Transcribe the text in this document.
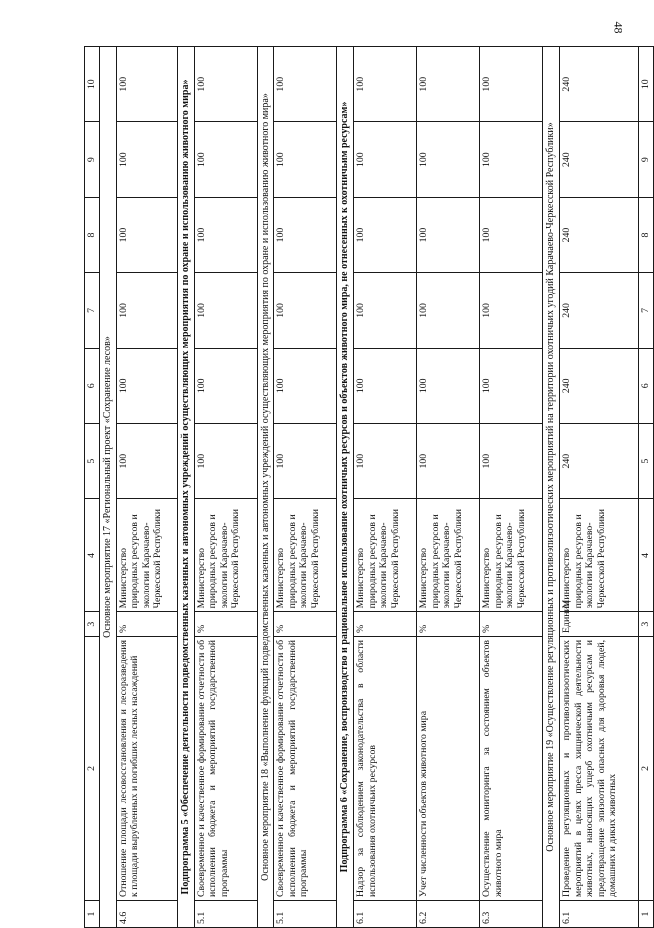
48
1	2	3	4	5	6	7	8	9	10
Основное мероприятие 17 «Региональный проект «Сохранение лесов»									
4.6	Отношение площади лесовосстановления и лесоразведения к площади вырубленных и погибших лесных насаждений	%	Министерство природных ресурсов и экологии Карачаево-Черкесской Республики	100	100	100	100	100	100
Подпрограмма 5 «Обеспечение деятельности подведомственных казенных и автономных учреждений осуществляющих мероприятия по охране и использованию животного мира»									
5.1	Своевременное и качественное формирование отчетности об исполнении бюджета и мероприятий государственной программы	%	Министерство природных ресурсов и экологии Карачаево-Черкесской Республики	100	100	100	100	100	100
Основное мероприятие 18 «Выполнение функций подведомственных казенных и автономных учреждений осуществляющих мероприятия по охране и использованию животного мира»									
5.1	Своевременное и качественное формирование отчетности об исполнении бюджета и мероприятий государственной программы	%	Министерство природных ресурсов и экологии Карачаево-Черкесской Республики	100	100	100	100	100	100
Подпрограмма 6 «Сохранение, воспроизводство и рациональное использование охотничьих ресурсов и объектов животного мира, не отнесенных к охотничьим ресурсам»									
6.1	Надзор за соблюдением законодательства в области использования охотничьих ресурсов	%	Министерство природных ресурсов и экологии Карачаево-Черкесской Республики	100	100	100	100	100	100
6.2	Учет численности объектов животного мира	%	Министерство природных ресурсов и экологии Карачаево-Черкесской Республики	100	100	100	100	100	100
6.3	Осуществление мониторинга за состоянием объектов животного мира	%	Министерство природных ресурсов и экологии Карачаево-Черкесской Республики	100	100	100	100	100	100
Основное мероприятие 19 «Осуществление регуляционных и противоэпизоотических мероприятий на территории охотничьих угодий Карачаево-Черкесской Республики»									
6.1	Проведение регуляционных и противоэпизоотических мероприятий в целях пресса хищнической деятельности животных, наносящих ущерб охотничьим ресурсам и предотвращение эпизоотий опасных для здоровья людей, домашних и диких животных	Единиц	Министерство природных ресурсов и экологии Карачаево-Черкесской Республики	240	240	240	240	240	240
1	2	3	4	5	6	7	8	9	10
